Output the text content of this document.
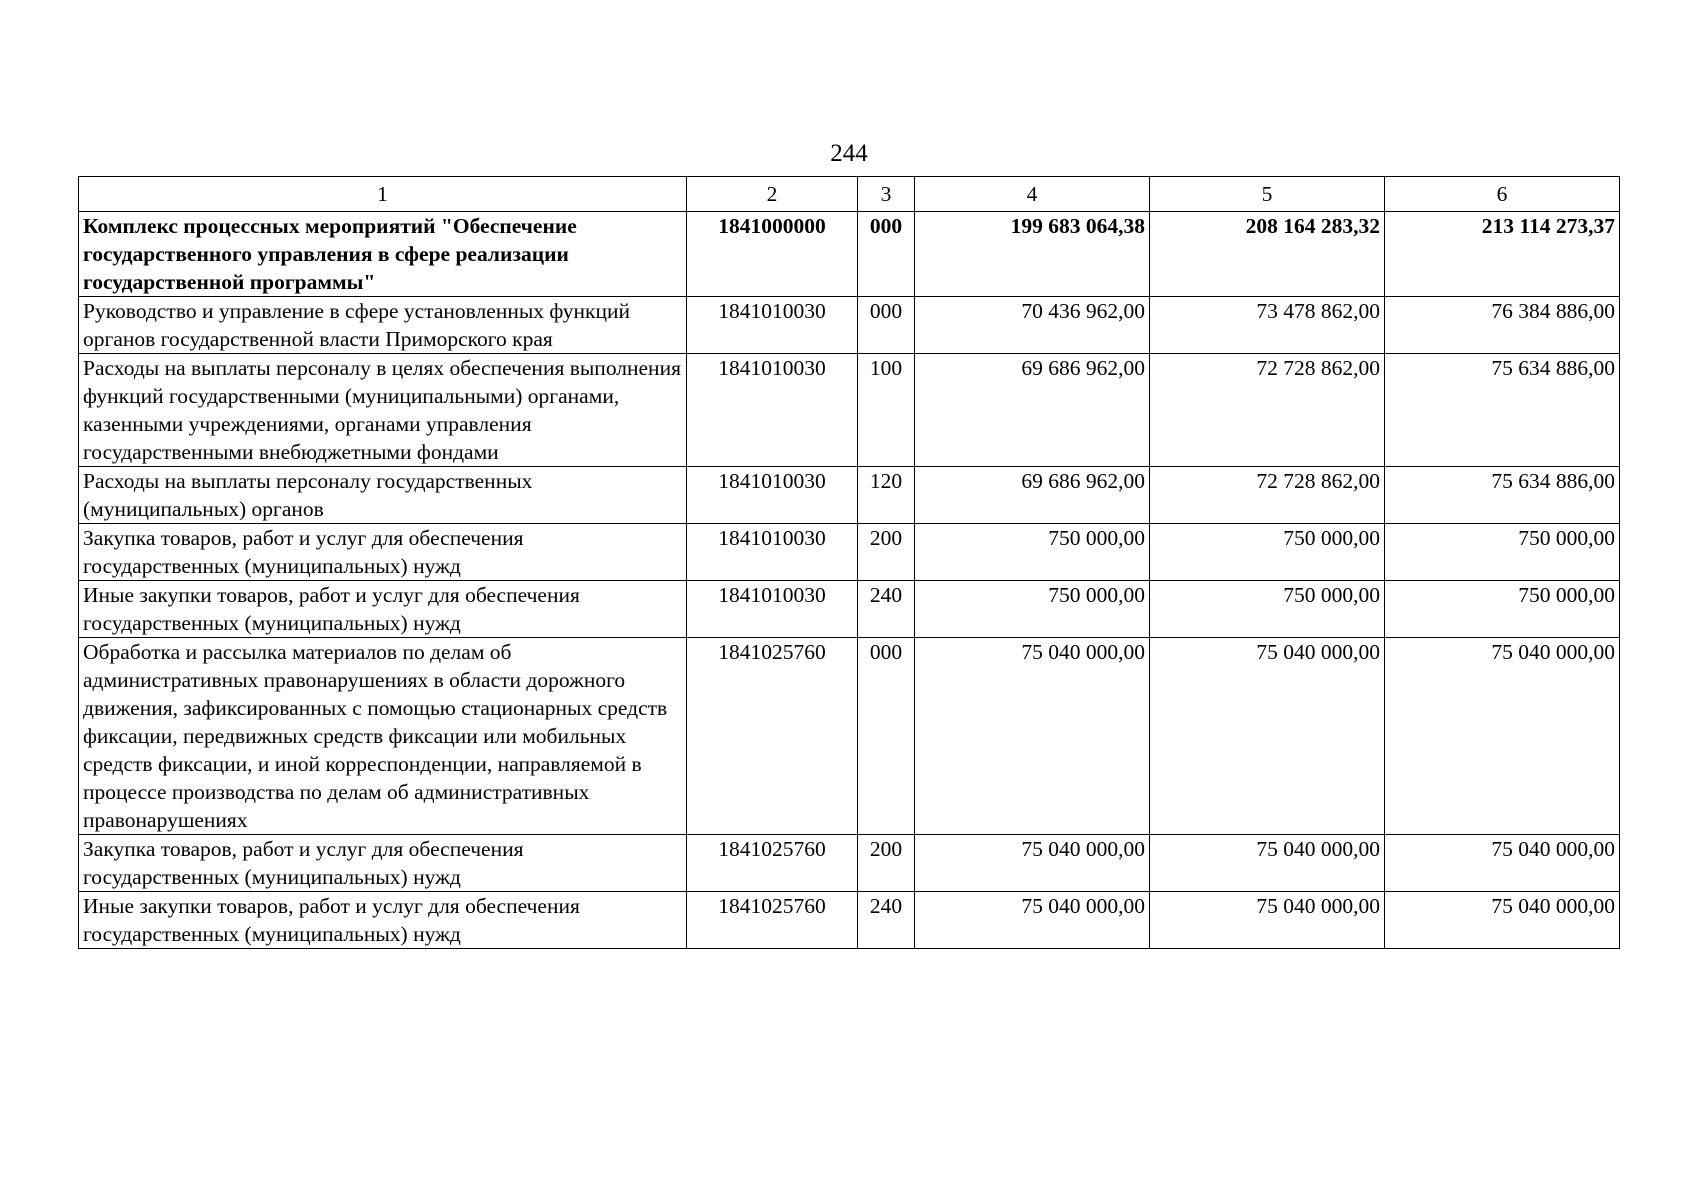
244
1	2	3	4	5	6
Комплекс процессных мероприятий "Обеспечение государственного управления в сфере реализации государственной программы"	1841000000	000	199 683 064,38	208 164 283,32	213 114 273,37
Руководство и управление в сфере установленных функций органов государственной власти Приморского края	1841010030	000	70 436 962,00	73 478 862,00	76 384 886,00
Расходы на выплаты персоналу в целях обеспечения выполнения функций государственными (муниципальными) органами, казенными учреждениями, органами управления государственными внебюджетными фондами	1841010030	100	69 686 962,00	72 728 862,00	75 634 886,00
Расходы на выплаты персоналу государственных (муниципальных) органов	1841010030	120	69 686 962,00	72 728 862,00	75 634 886,00
Закупка товаров, работ и услуг для обеспечения государственных (муниципальных) нужд	1841010030	200	750 000,00	750 000,00	750 000,00
Иные закупки товаров, работ и услуг для обеспечения государственных (муниципальных) нужд	1841010030	240	750 000,00	750 000,00	750 000,00
Обработка и рассылка материалов по делам об административных правонарушениях в области дорожного движения, зафиксированных с помощью стационарных средств фиксации, передвижных средств фиксации или мобильных средств фиксации, и иной корреспонденции, направляемой в процессе производства по делам об административных правонарушениях	1841025760	000	75 040 000,00	75 040 000,00	75 040 000,00
Закупка товаров, работ и услуг для обеспечения государственных (муниципальных) нужд	1841025760	200	75 040 000,00	75 040 000,00	75 040 000,00
Иные закупки товаров, работ и услуг для обеспечения государственных (муниципальных) нужд	1841025760	240	75 040 000,00	75 040 000,00	75 040 000,00
